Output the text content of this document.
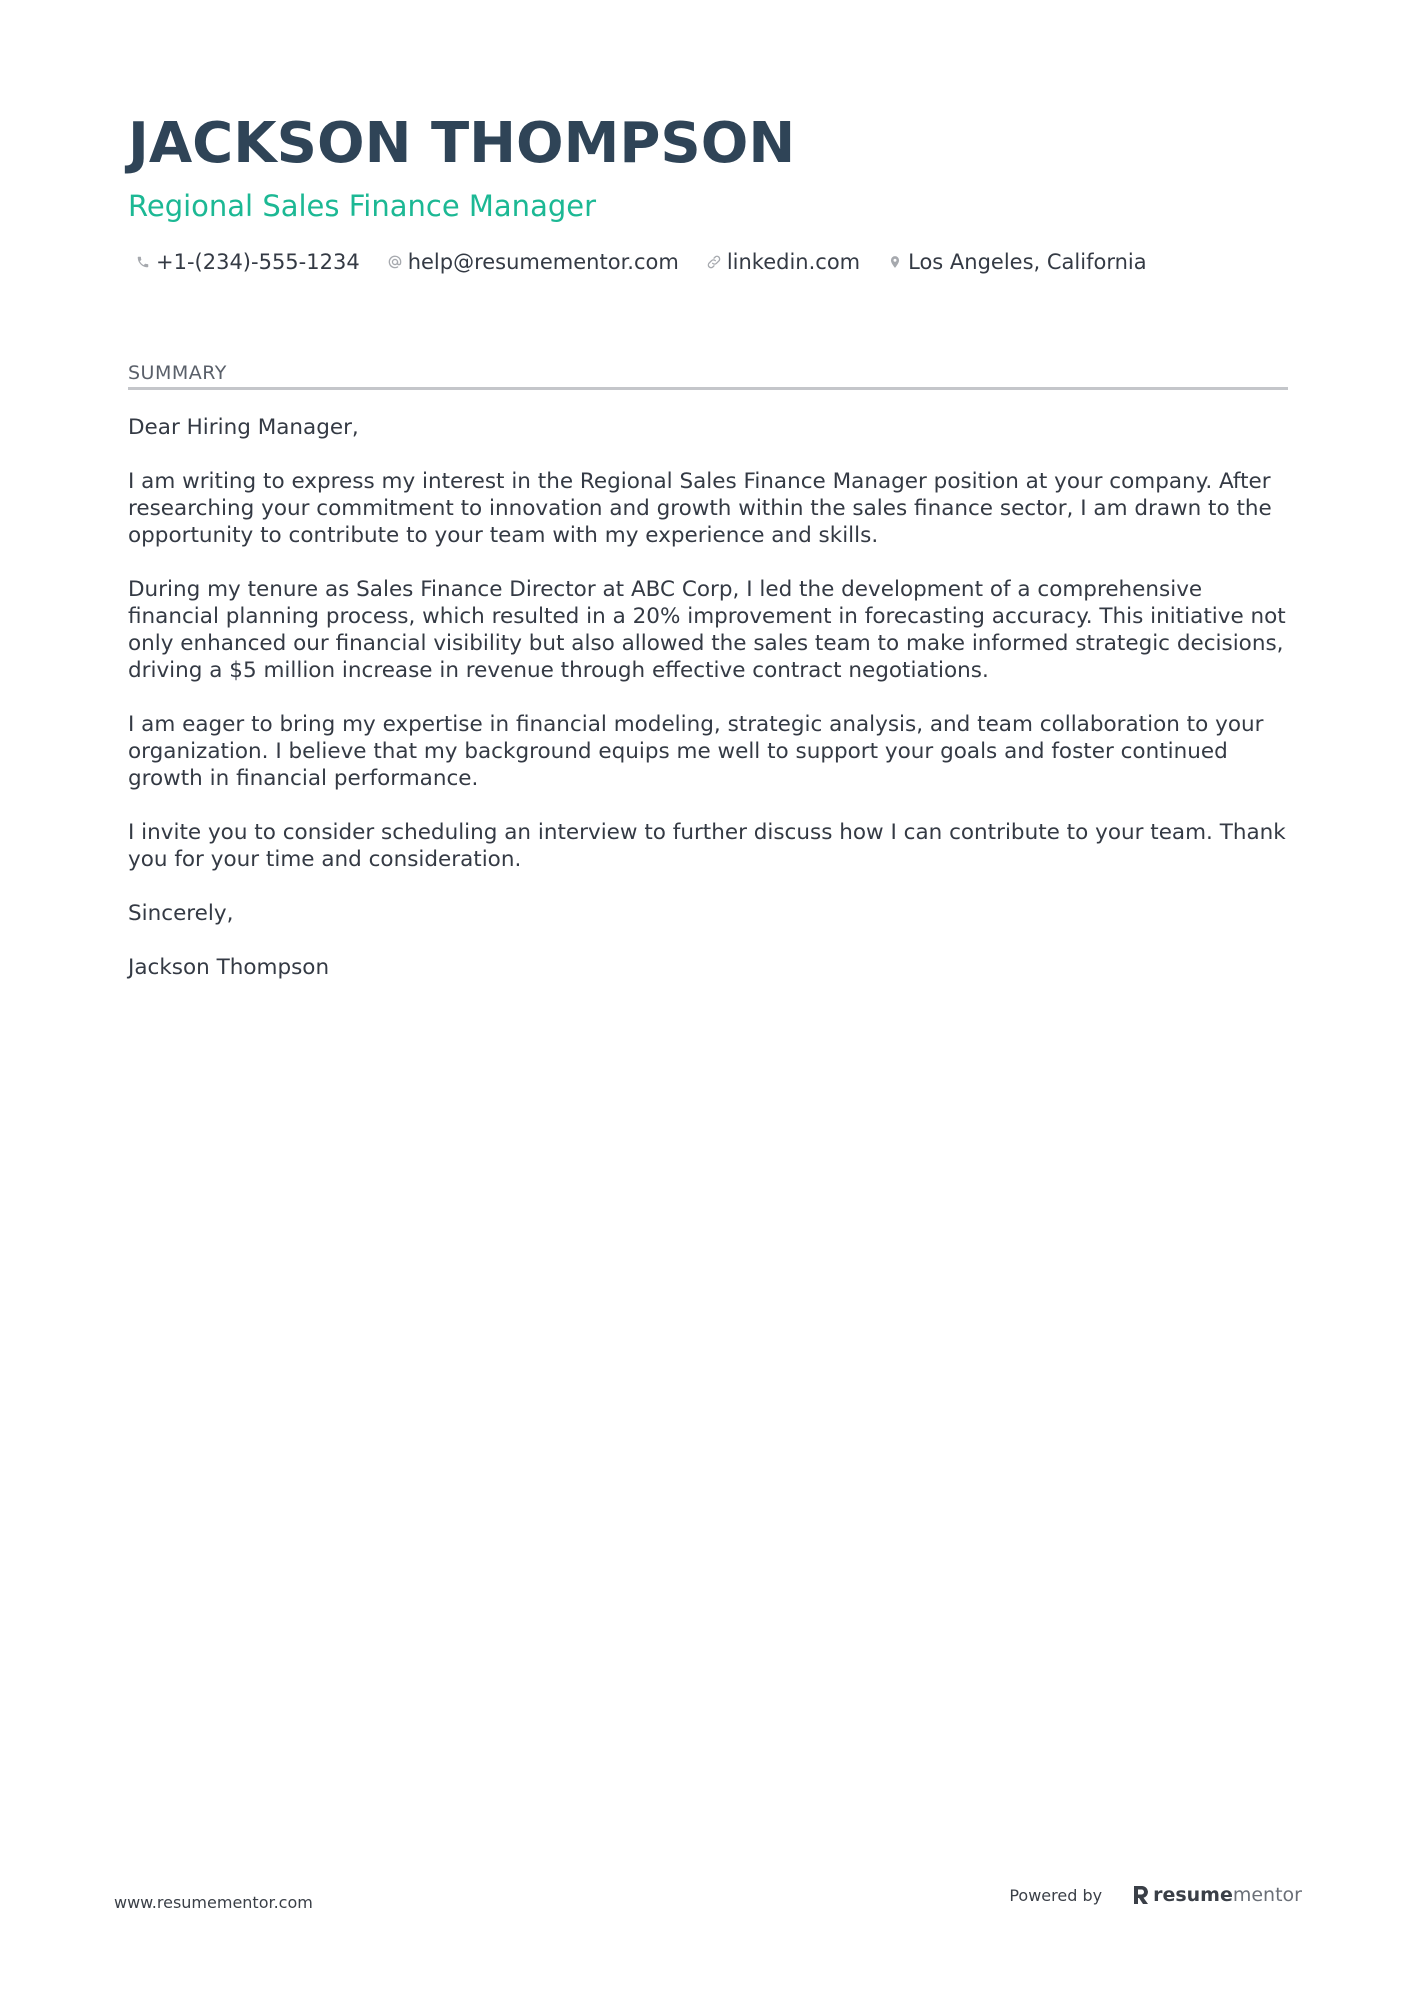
JACKSON THOMPSON
Regional Sales Finance Manager
+1-(234)-555-1234 help@resumementor.com linkedin.com Los Angeles, California
SUMMARY

Dear Hiring Manager,

I am writing to express my interest in the Regional Sales Finance Manager position at your company. After researching your commitment to innovation and growth within the sales finance sector, I am drawn to the opportunity to contribute to your team with my experience and skills.

During my tenure as Sales Finance Director at ABC Corp, I led the development of a comprehensive financial planning process, which resulted in a 20% improvement in forecasting accuracy. This initiative not only enhanced our financial visibility but also allowed the sales team to make informed strategic decisions, driving a $5 million increase in revenue through effective contract negotiations.

I am eager to bring my expertise in financial modeling, strategic analysis, and team collaboration to your organization. I believe that my background equips me well to support your goals and foster continued growth in financial performance.

I invite you to consider scheduling an interview to further discuss how I can contribute to your team. Thank you for your time and consideration.

Sincerely,

Jackson Thompson

www.resumementor.com	Powered by	resume mentor
